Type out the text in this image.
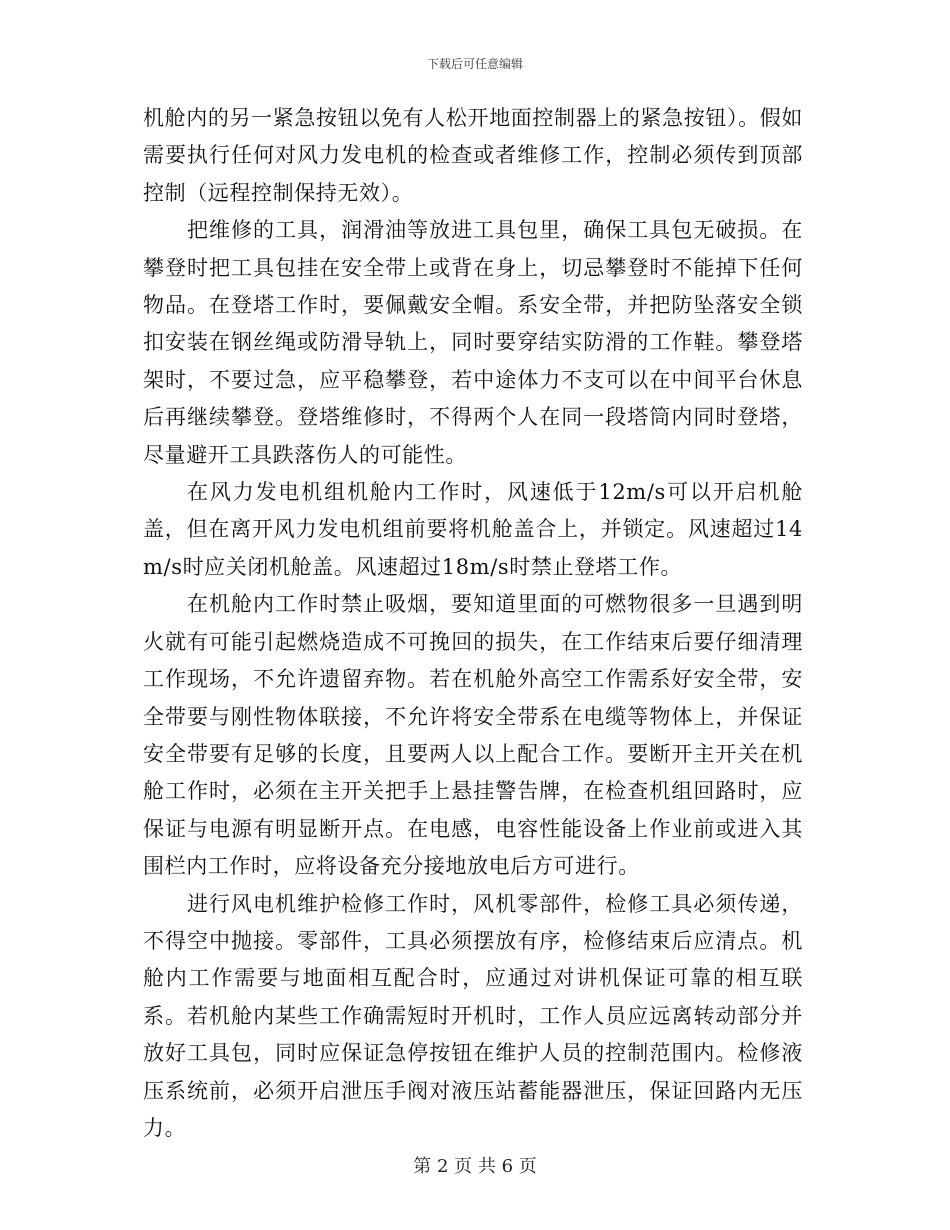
下载后可任意编辑

机舱内的另一紧急按钮以免有人松开地面控制器上的紧急按钮）。假如需要执行任何对风力发电机的检查或者维修工作，控制必须传到顶部控制（远程控制保持无效）。

把维修的工具，润滑油等放进工具包里，确保工具包无破损。在攀登时把工具包挂在安全带上或背在身上，切忌攀登时不能掉下任何物品。在登塔工作时，要佩戴安全帽。系安全带，并把防坠落安全锁扣安装在钢丝绳或防滑导轨上，同时要穿结实防滑的工作鞋。攀登塔架时，不要过急，应平稳攀登，若中途体力不支可以在中间平台休息后再继续攀登。登塔维修时，不得两个人在同一段塔筒内同时登塔，尽量避开工具跌落伤人的可能性。

在风力发电机组机舱内工作时，风速低于12m/s可以开启机舱盖，但在离开风力发电机组前要将机舱盖合上，并锁定。风速超过14m/s时应关闭机舱盖。风速超过18m/s时禁止登塔工作。

在机舱内工作时禁止吸烟，要知道里面的可燃物很多一旦遇到明火就有可能引起燃烧造成不可挽回的损失，在工作结束后要仔细清理工作现场，不允许遗留弃物。若在机舱外高空工作需系好安全带，安全带要与刚性物体联接，不允许将安全带系在电缆等物体上，并保证安全带要有足够的长度，且要两人以上配合工作。要断开主开关在机舱工作时，必须在主开关把手上悬挂警告牌，在检查机组回路时，应保证与电源有明显断开点。在电感，电容性能设备上作业前或进入其围栏内工作时，应将设备充分接地放电后方可进行。

进行风电机维护检修工作时，风机零部件，检修工具必须传递，不得空中抛接。零部件，工具必须摆放有序，检修结束后应清点。机舱内工作需要与地面相互配合时，应通过对讲机保证可靠的相互联系。若机舱内某些工作确需短时开机时，工作人员应远离转动部分并放好工具包，同时应保证急停按钮在维护人员的控制范围内。检修液压系统前，必须开启泄压手阀对液压站蓄能器泄压，保证回路内无压力。

第 2 页 共 6 页
